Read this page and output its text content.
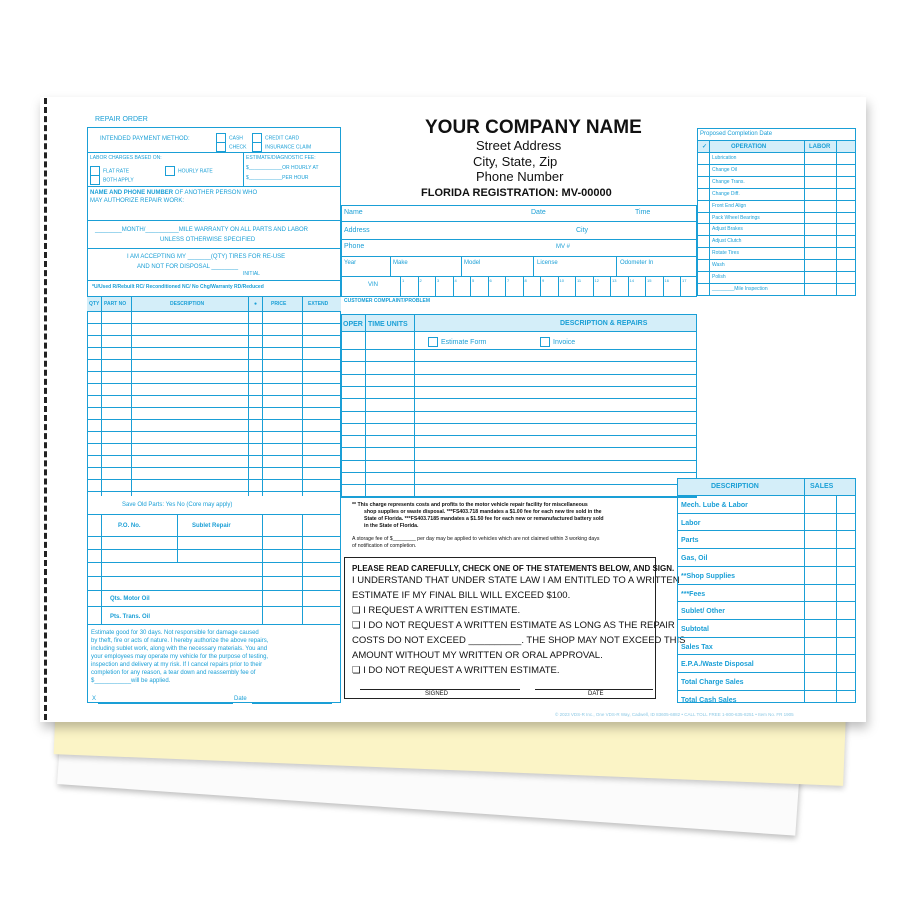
REPAIR ORDER
INTENDED PAYMENT METHOD:	CASH	CREDIT CARD
CHECK	INSURANCE CLAIM
LABOR CHARGES BASED ON:
FLAT RATE	HOURLY RATE
BOTH APPLY
ESTIMATE/DIAGNOSTIC FEE:
$____________OR HOURLY AT
$____________PER HOUR
NAME AND PHONE NUMBER OF ANOTHER PERSON WHO
MAY AUTHORIZE REPAIR WORK:
________MONTH/__________MILE WARRANTY ON ALL PARTS AND LABOR
UNLESS OTHERWISE SPECIFIED
I AM ACCEPTING MY _______(QTY) TIRES FOR RE-USE
AND NOT FOR DISPOSAL ________
INITIAL
*U/Used R/Rebuilt RC/ Reconditioned NC/ No Chg/Warranty RD/Reduced
QTY PART NO	DESCRIPTION	●	PRICE	EXTEND
Save Old Parts: Yes No (Core may apply)
P.O. No.	Sublet Repair
Qts. Motor Oil
Pts. Trans. Oil
Estimate good for 30 days. Not responsible for damage caused
by theft, fire or acts of nature. I hereby authorize the above repairs,
including sublet work, along with the necessary materials. You and
your employees may operate my vehicle for the purpose of testing,
inspection and delivery at my risk. If I cancel repairs prior to their
completion for any reason, a tear down and reassembly fee of
$___________will be applied.
X	Date
YOUR COMPANY NAME
Street Address
City, State, Zip
Phone Number
FLORIDA REGISTRATION: MV-00000
Name	Date	Time
Address	City
Phone	MV #
Year	Make	Model	License	Odometer In
VIN
1	2	3	4	5	6	7	8	9	10	11	12	13	14	15	16	17
CUSTOMER COMPLAINT/PROBLEM
OPER TIME UNITS	DESCRIPTION & REPAIRS
Estimate Form	Invoice
** This charge represents costs and profits to the motor vehicle repair facility for miscellaneous
shop supplies or waste disposal. ***FS403.718 mandates a $1.00 fee for each new tire sold in the
State of Florida. ***FS403.7185 mandates a $1.50 fee for each new or remanufactured battery sold
in the State of Florida.
A storage fee of $________ per day may be applied to vehicles which are not claimed within 3 working days
of notification of completion.
PLEASE READ CAREFULLY, CHECK ONE OF THE STATEMENTS BELOW, AND SIGN.
I UNDERSTAND THAT UNDER STATE LAW I AM ENTITLED TO A WRITTEN
ESTIMATE IF MY FINAL BILL WILL EXCEED $100.
❏ I REQUEST A WRITTEN ESTIMATE.
❏ I DO NOT REQUEST A WRITTEN ESTIMATE AS LONG AS THE REPAIR
COSTS DO NOT EXCEED __________. THE SHOP MAY NOT EXCEED THIS
AMOUNT WITHOUT MY WRITTEN OR ORAL APPROVAL.
❏ I DO NOT REQUEST A WRITTEN ESTIMATE.
SIGNED	DATE
Proposed Completion Date
✓	OPERATION	LABOR
Lubrication
Change Oil
Change Trans.
Change Diff.
Front End Align
Pack Wheel Bearings
Adjust Brakes
Adjust Clutch
Rotate Tires
Wash
Polish
________Mile Inspection
DESCRIPTION	SALES
Mech. Lube & Labor
Labor
Parts
Gas, Oil
**Shop Supplies
***Fees
Sublet/ Other
Subtotal
Sales Tax
E.P.A./Waste Disposal
Total Charge Sales
Total Cash Sales
© 2023 VDS-R Inc., One VDS-R Way, Cadwell, ID 83605-6882 • CALL TOLL FREE 1-800-635-8251 • Item No. FR 1905
